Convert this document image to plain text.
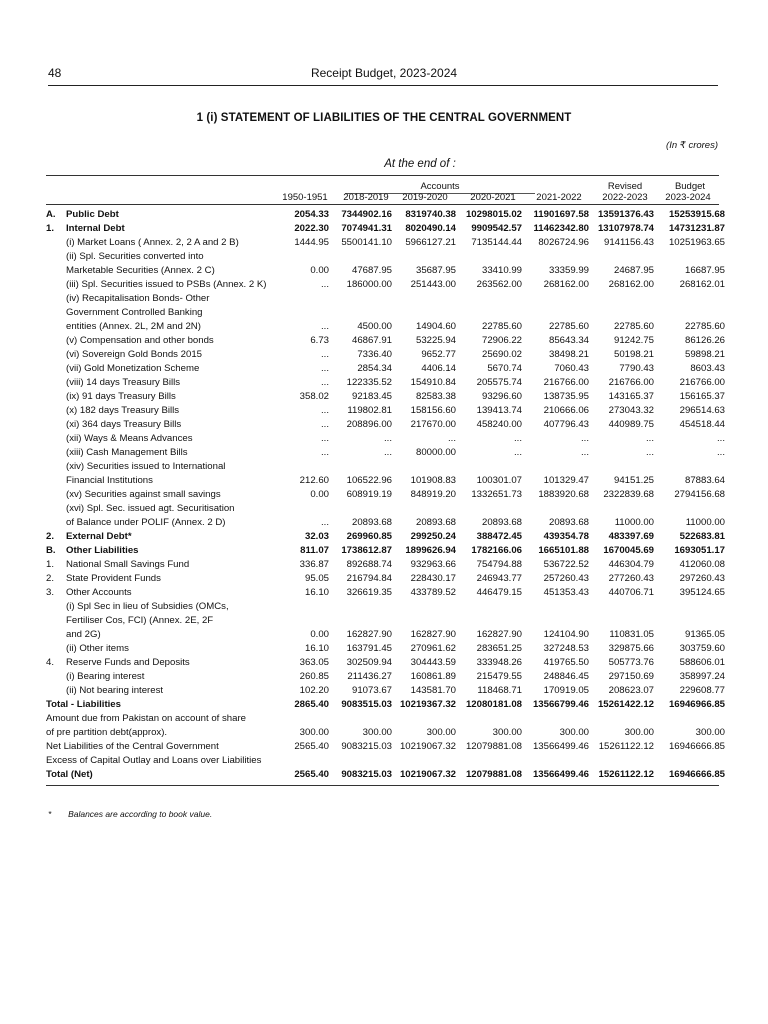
48	Receipt Budget, 2023-2024
1 (i) STATEMENT OF LIABILITIES OF THE CENTRAL GOVERNMENT
(In ₹ crores)
At the end of :
Accounts	Revised	Budget
1950-1951	2018-2019	2019-2020	2020-2021	2021-2022	2022-2023	2023-2024
A.	Public Debt	2054.33	7344902.16	8319740.38	10298015.02	11901697.58	13591376.43	15253915.68
1.	Internal Debt	2022.30	7074941.31	8020490.14	9909542.57	11462342.80	13107978.74	14731231.87
	(i) Market Loans ( Annex. 2, 2 A and 2 B)	1444.95	5500141.10	5966127.21	7135144.44	8026724.96	9141156.43	10251963.65
	(ii) Spl. Securities converted into							
	Marketable Securities (Annex. 2 C)	0.00	47687.95	35687.95	33410.99	33359.99	24687.95	16687.95
	(iii) Spl. Securities issued to PSBs (Annex. 2 K)	...	186000.00	251443.00	263562.00	268162.00	268162.00	268162.01
	(iv) Recapitalisation Bonds- Other							
	Government Controlled Banking							
	entities (Annex. 2L, 2M and 2N)	...	4500.00	14904.60	22785.60	22785.60	22785.60	22785.60
	(v) Compensation and other bonds	6.73	46867.91	53225.94	72906.22	85643.34	91242.75	86126.26
	(vi) Sovereign Gold Bonds 2015	...	7336.40	9652.77	25690.02	38498.21	50198.21	59898.21
	(vii) Gold Monetization Scheme	...	2854.34	4406.14	5670.74	7060.43	7790.43	8603.43
	(viii) 14 days Treasury Bills	...	122335.52	154910.84	205575.74	216766.00	216766.00	216766.00
	(ix) 91 days Treasury Bills	358.02	92183.45	82583.38	93296.60	138735.95	143165.37	156165.37
	(x) 182 days Treasury Bills	...	119802.81	158156.60	139413.74	210666.06	273043.32	296514.63
	(xi) 364 days Treasury Bills	...	208896.00	217670.00	458240.00	407796.43	440989.75	454518.44
	(xii) Ways & Means Advances	...	...	...	...	...	...	...
	(xiii) Cash Management Bills	...	...	80000.00	...	...	...	...
	(xiv) Securities issued to International							
	Financial Institutions	212.60	106522.96	101908.83	100301.07	101329.47	94151.25	87883.64
	(xv) Securities against small savings	0.00	608919.19	848919.20	1332651.73	1883920.68	2322839.68	2794156.68
	(xvi) Spl. Sec. issued agt. Securitisation							
	of Balance under POLIF (Annex. 2 D)	...	20893.68	20893.68	20893.68	20893.68	11000.00	11000.00
2.	External Debt*	32.03	269960.85	299250.24	388472.45	439354.78	483397.69	522683.81
B.	Other Liabilities	811.07	1738612.87	1899626.94	1782166.06	1665101.88	1670045.69	1693051.17
1.	National Small Savings Fund	336.87	892688.74	932963.66	754794.88	536722.52	446304.79	412060.08
2.	State Provident Funds	95.05	216794.84	228430.17	246943.77	257260.43	277260.43	297260.43
3.	Other Accounts	16.10	326619.35	433789.52	446479.15	451353.43	440706.71	395124.65
	(i) Spl Sec in lieu of Subsidies (OMCs,							
	Fertiliser Cos, FCI) (Annex. 2E, 2F							
	and 2G)	0.00	162827.90	162827.90	162827.90	124104.90	110831.05	91365.05
	(ii) Other items	16.10	163791.45	270961.62	283651.25	327248.53	329875.66	303759.60
4.	Reserve Funds and Deposits	363.05	302509.94	304443.59	333948.26	419765.50	505773.76	588606.01
	(i) Bearing interest	260.85	211436.27	160861.89	215479.55	248846.45	297150.69	358997.24
	(ii) Not bearing interest	102.20	91073.67	143581.70	118468.71	170919.05	208623.07	229608.77
Total - Liabilities		2865.40	9083515.03	10219367.32	12080181.08	13566799.46	15261422.12	16946966.85
Amount due from Pakistan on account of share								
of pre partition debt(approx).		300.00	300.00	300.00	300.00	300.00	300.00	300.00
Net Liabilities of the Central Government		2565.40	9083215.03	10219067.32	12079881.08	13566499.46	15261122.12	16946666.85
Excess of Capital Outlay and Loans over Liabilities								
Total (Net)		2565.40	9083215.03	10219067.32	12079881.08	13566499.46	15261122.12	16946666.85
* Balances are according to book value.
